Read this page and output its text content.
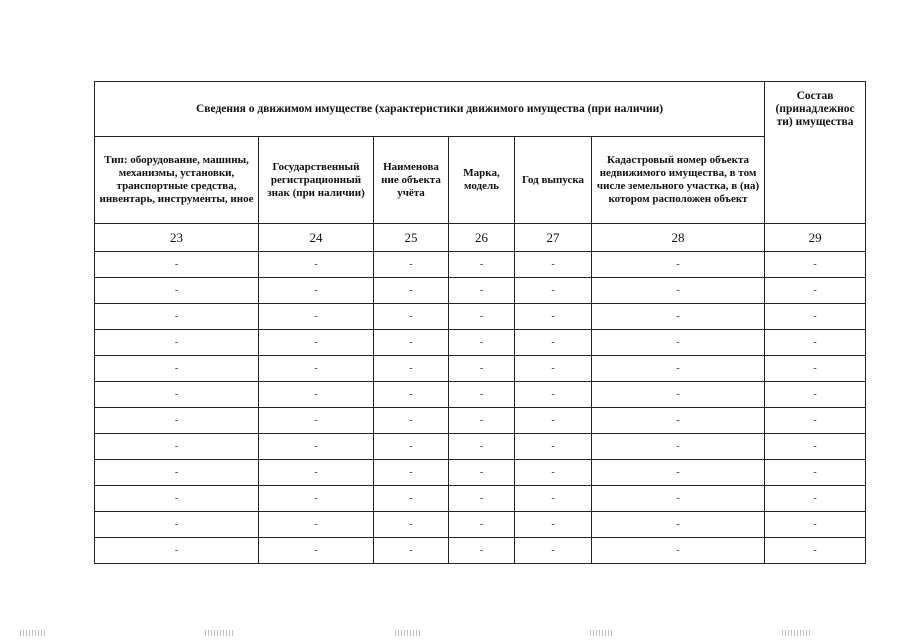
Сведения о движимом имуществе (характеристики движимого имущества (при наличии)						Состав (принадлежнос ти) имущества
Тип: оборудование, машины, механизмы, установки, транспортные средства, инвентарь, инструменты, иное	Государственный регистрационный знак (при наличии)	Наименова ние объекта учёта	Марка, модель	Год выпуска	Кадастровый номер объекта недвижимого имущества, в том числе земельного участка, в (на) котором расположен объект	
23	24	25	26	27	28	29
-	-	-	-	-	-	-
-	-	-	-	-	-	-
-	-	-	-	-	-	-
-	-	-	-	-	-	-
-	-	-	-	-	-	-
-	-	-	-	-	-	-
-	-	-	-	-	-	-
-	-	-	-	-	-	-
-	-	-	-	-	-	-
-	-	-	-	-	-	-
-	-	-	-	-	-	-
-	-	-	-	-	-	-
